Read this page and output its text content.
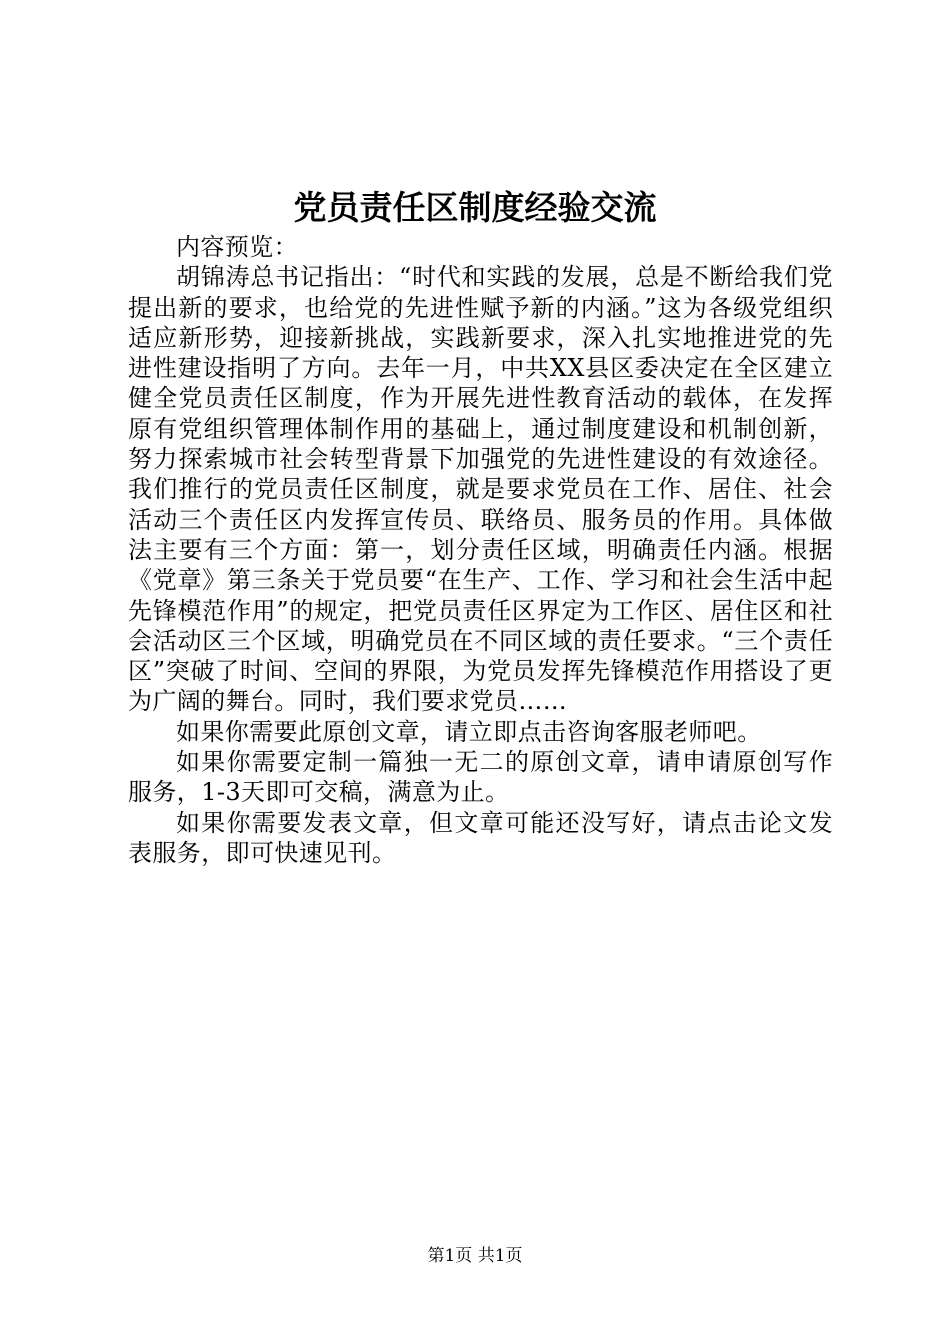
党员责任区制度经验交流

内容预览：

胡锦涛总书记指出：“时代和实践的发展，总是不断给我们党提出新的要求，也给党的先进性赋予新的内涵。”这为各级党组织适应新形势，迎接新挑战，实践新要求，深入扎实地推进党的先进性建设指明了方向。去年一月，中共XX县区委决定在全区建立健全党员责任区制度，作为开展先进性教育活动的载体，在发挥原有党组织管理体制作用的基础上，通过制度建设和机制创新，努力探索城市社会转型背景下加强党的先进性建设的有效途径。我们推行的党员责任区制度，就是要求党员在工作、居住、社会活动三个责任区内发挥宣传员、联络员、服务员的作用。具体做法主要有三个方面：第一，划分责任区域，明确责任内涵。根据《党章》第三条关于党员要“在生产、工作、学习和社会生活中起先锋模范作用”的规定，把党员责任区界定为工作区、居住区和社会活动区三个区域，明确党员在不同区域的责任要求。“三个责任区”突破了时间、空间的界限，为党员发挥先锋模范作用搭设了更为广阔的舞台。同时，我们要求党员……

如果你需要此原创文章，请立即点击咨询客服老师吧。

如果你需要定制一篇独一无二的原创文章，请申请原创写作服务，1-3天即可交稿，满意为止。

如果你需要发表文章，但文章可能还没写好，请点击论文发表服务，即可快速见刊。

第1页 共1页
